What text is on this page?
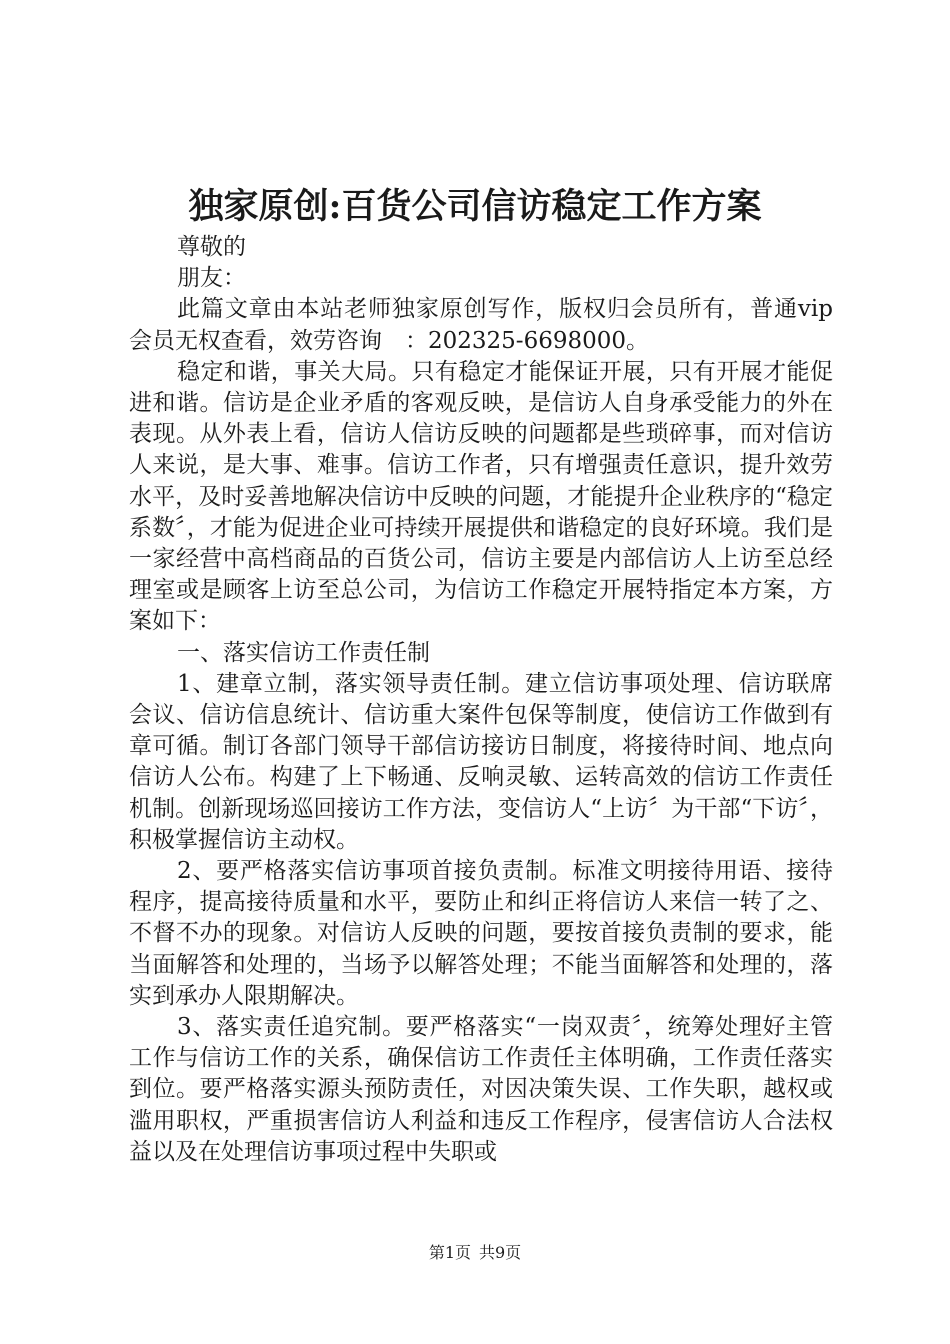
独家原创:百货公司信访稳定工作方案

尊敬的

朋友：

此篇文章由本站老师独家原创写作，版权归会员所有，普通vip会员无权查看，效劳咨询　：202325-6698000。

稳定和谐，事关大局。只有稳定才能保证开展，只有开展才能促进和谐。信访是企业矛盾的客观反映，是信访人自身承受能力的外在表现。从外表上看，信访人信访反映的问题都是些琐碎事，而对信访人来说，是大事、难事。信访工作者，只有增强责任意识，提升效劳水平，及时妥善地解决信访中反映的问题，才能提升企业秩序的“稳定系数〞，才能为促进企业可持续开展提供和谐稳定的良好环境。我们是一家经营中高档商品的百货公司，信访主要是内部信访人上访至总经理室或是顾客上访至总公司，为信访工作稳定开展特指定本方案，方案如下：

一、落实信访工作责任制

1、建章立制，落实领导责任制。建立信访事项处理、信访联席会议、信访信息统计、信访重大案件包保等制度，使信访工作做到有章可循。制订各部门领导干部信访接访日制度，将接待时间、地点向信访人公布。构建了上下畅通、反响灵敏、运转高效的信访工作责任机制。创新现场巡回接访工作方法，变信访人“上访〞为干部“下访〞，积极掌握信访主动权。

2、要严格落实信访事项首接负责制。标准文明接待用语、接待程序，提高接待质量和水平，要防止和纠正将信访人来信一转了之、不督不办的现象。对信访人反映的问题，要按首接负责制的要求，能当面解答和处理的，当场予以解答处理；不能当面解答和处理的，落实到承办人限期解决。

3、落实责任追究制。要严格落实“一岗双责〞，统筹处理好主管工作与信访工作的关系，确保信访工作责任主体明确，工作责任落实到位。要严格落实源头预防责任，对因决策失误、工作失职，越权或滥用职权，严重损害信访人利益和违反工作程序，侵害信访人合法权益以及在处理信访事项过程中失职或

第1页 共9页
